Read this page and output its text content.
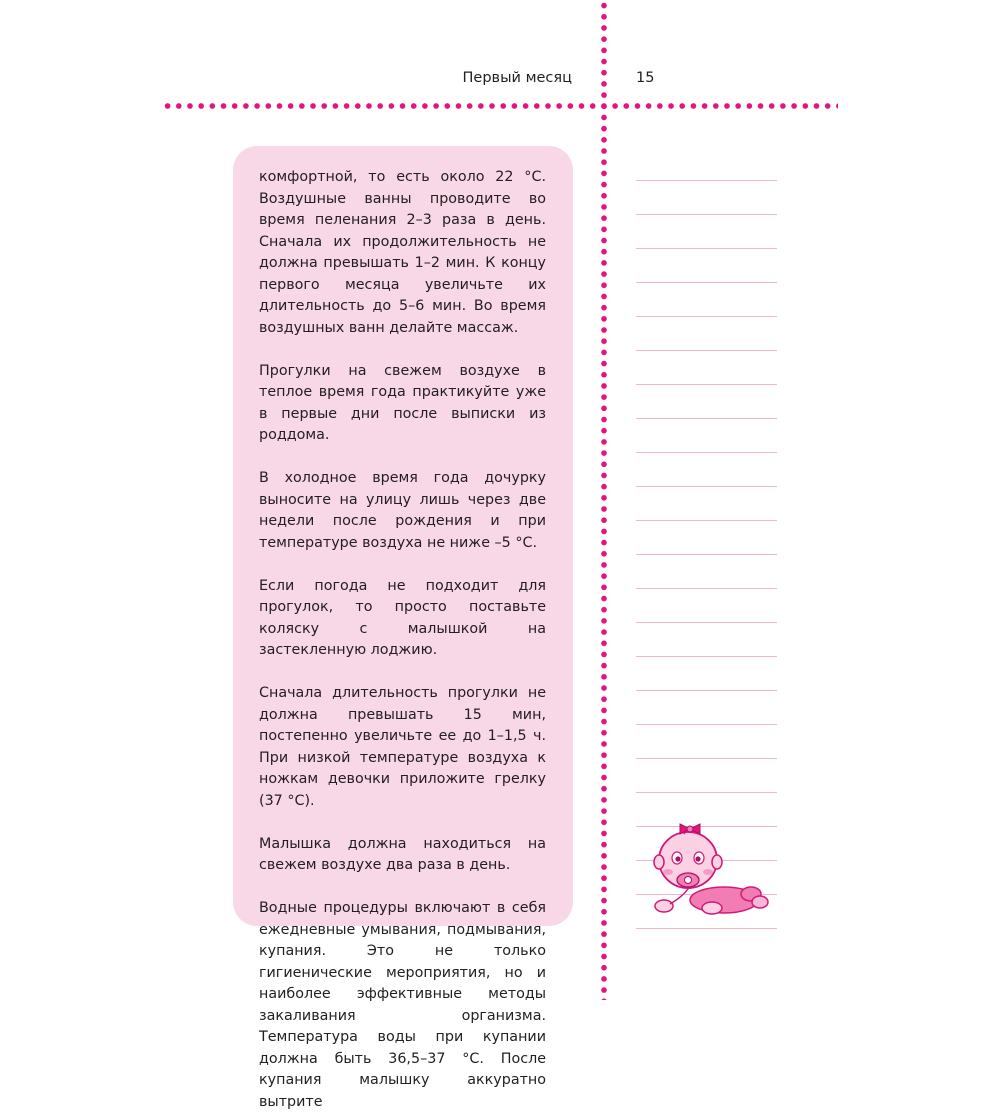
Первый месяц	15

комфортной, то есть около 22 °C. Воздушные ванны проводите во время пеленания 2–3 раза в день. Сначала их продолжительность не должна превышать 1–2 мин. К концу первого месяца увеличьте их длительность до 5–6 мин. Во время воздушных ванн делайте массаж.

Прогулки на свежем воздухе в теплое время года практикуйте уже в первые дни после выписки из роддома.

В холодное время года дочурку выносите на улицу лишь через две недели после рождения и при температуре воздуха не ниже –5 °C.

Если погода не подходит для прогулок, то просто поставьте коляску с малышкой на застекленную лоджию.

Сначала длительность прогулки не должна превышать 15 мин, постепенно увеличьте ее до 1–1,5 ч. При низкой температуре воздуха к ножкам девочки приложите грелку (37 °C).

Малышка должна находиться на свежем воздухе два раза в день.

Водные процедуры включают в себя ежедневные умывания, подмывания, купания. Это не только гигиенические мероприятия, но и наиболее эффективные методы закаливания организма. Температура воды при купании должна быть 36,5–37 °C. После купания малышку аккуратно вытрите
